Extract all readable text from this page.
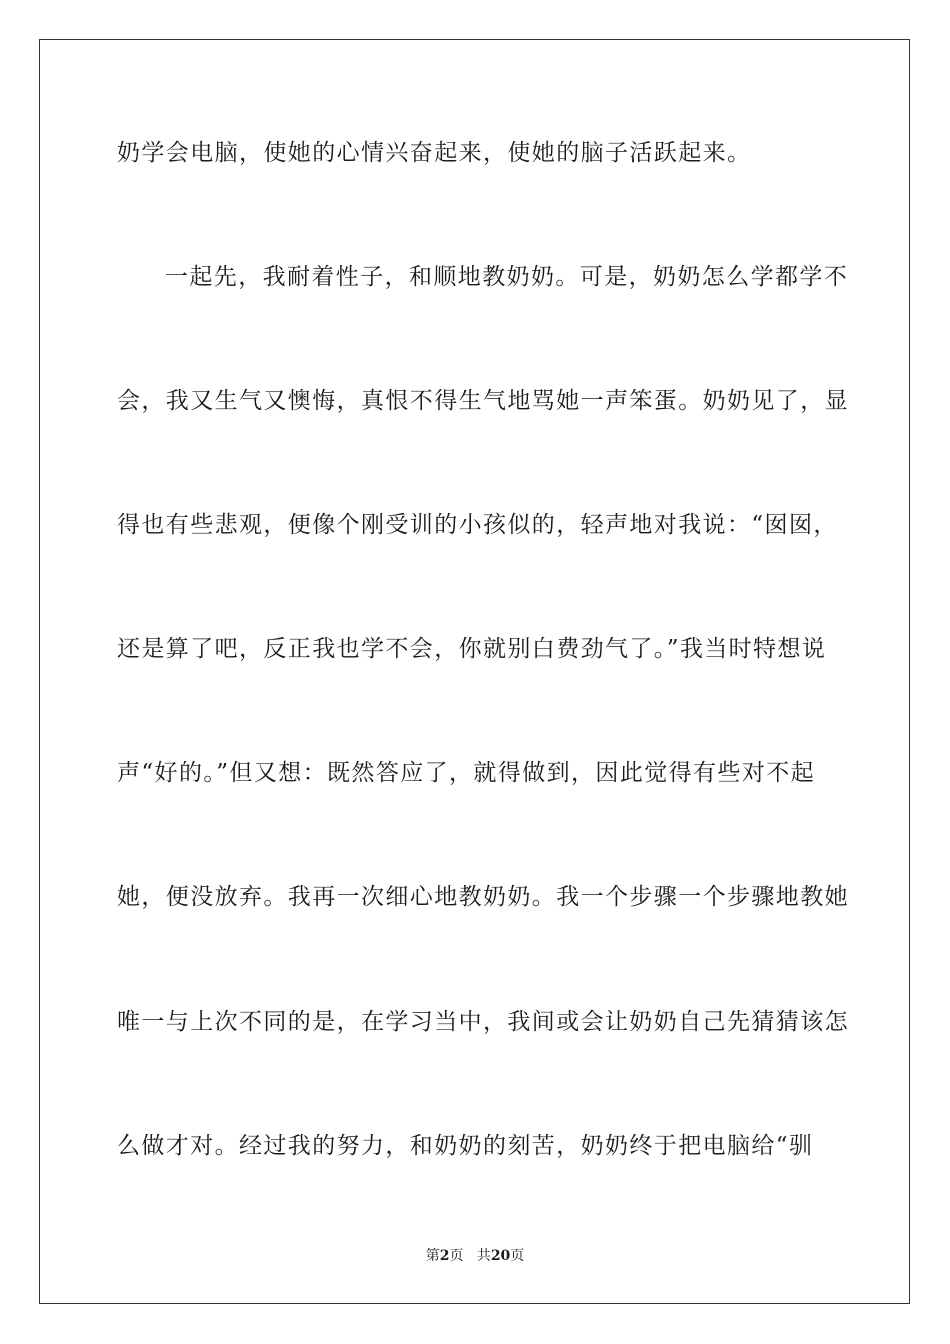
奶学会电脑，使她的心情兴奋起来，使她的脑子活跃起来。
一起先，我耐着性子，和顺地教奶奶。可是，奶奶怎么学都学不
会，我又生气又懊悔，真恨不得生气地骂她一声笨蛋。奶奶见了，显
得也有些悲观，便像个刚受训的小孩似的，轻声地对我说：“囡囡，
还是算了吧，反正我也学不会，你就别白费劲气了。”我当时特想说
声“好的。”但又想：既然答应了，就得做到，因此觉得有些对不起
她，便没放弃。我再一次细心地教奶奶。我一个步骤一个步骤地教她
唯一与上次不同的是，在学习当中，我间或会让奶奶自己先猜猜该怎
么做才对。经过我的努力，和奶奶的刻苦，奶奶终于把电脑给“驯
第2页 共20页
